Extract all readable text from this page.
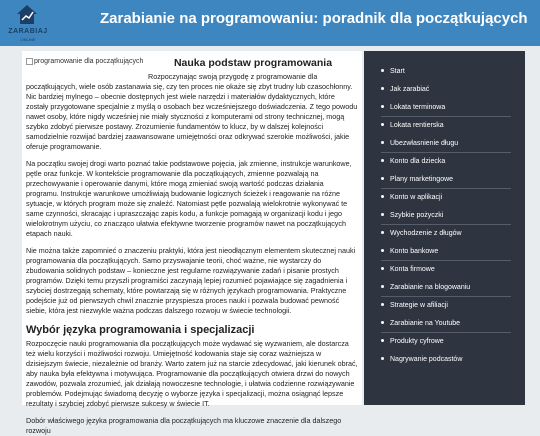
ZARABIAJ
ONLINE
Zarabianie na programowaniu: poradnik dla początkujących
programowanie dla początkujących	Nauka podstaw programowania

Rozpoczynając swoją przygodę z programowanie dla początkujących, wiele osób zastanawia się, czy ten proces nie okaże się zbyt trudny lub czasochłonny. Nic bardziej mylnego – obecnie dostępnych jest wiele narzędzi i materiałów dydaktycznych, które zostały przygotowane specjalnie z myślą o osobach bez wcześniejszego doświadczenia. Z tego powodu nawet osoby, które nigdy wcześniej nie miały styczności z komputerami od strony technicznej, mogą szybko zdobyć pierwsze postawy. Zrozumienie fundamentów to klucz, by w dalszej kolejności samodzielnie rozwijać bardziej zaawansowane umiejętności oraz odkrywać szerokie możliwości, jakie oferuje programowanie.

Na początku swojej drogi warto poznać takie podstawowe pojęcia, jak zmienne, instrukcje warunkowe, pętle oraz funkcje. W kontekście programowanie dla początkujących, zmienne pozwalają na przechowywanie i operowanie danymi, które mogą zmieniać swoją wartość podczas działania programu. Instrukcje warunkowe umożliwiają budowanie logicznych ścieżek i reagowanie na różne sytuacje, w których program może się znaleźć. Natomiast pętle pozwalają wielokrotnie wykonywać te same czynności, skracając i upraszczając zapis kodu, a funkcje pomagają w organizacji kodu i jego wielokrotnym użyciu, co znacząco ułatwia efektywne tworzenie programów nawet na początkujących etapach nauki.

Nie można także zapomnieć o znaczeniu praktyki, która jest nieodłącznym elementem skutecznej nauki programowania dla początkujących. Samo przyswajanie teorii, choć ważne, nie wystarczy do zbudowania solidnych podstaw – konieczne jest regularne rozwiązywanie zadań i pisanie prostych programów. Dzięki temu przyszli programiści zaczynają lepiej rozumieć pojawiające się zagadnienia i szybciej dostrzegają schematy, które powtarzają się w różnych językach programowania. Praktyczne podejście już od pierwszych chwil znacznie przyspiesza proces nauki i pozwala budować pewność siebie, która jest niezwykle ważna podczas dalszego rozwoju w świecie technologii.

Wybór języka programowania i specjalizacji

Rozpoczęcie nauki programowania dla początkujących może wydawać się wyzwaniem, ale dostarcza też wielu korzyści i możliwości rozwoju. Umiejętność kodowania staje się coraz ważniejsza w dzisiejszym świecie, niezależnie od branży. Warto zatem już na starcie zdecydować, jaki kierunek obrać, aby nauka była efektywna i motywująca. Programowanie dla początkujących otwiera drzwi do nowych zawodów, pozwala zrozumieć, jak działają nowoczesne technologie, i ułatwia codzienne rozwiązywanie problemów. Podejmując świadomą decyzję o wyborze języka i specjalizacji, można osiągnąć lepsze rezultaty i szybciej zdobyć pierwsze sukcesy w świecie IT.

Dobór właściwego języka programowania dla początkujących ma kluczowe znaczenie dla dalszego rozwoju

Start
Jak zarabiać
Lokata terminowa
Lokata rentierska
Ubezwłasnienie długu
Konto dla dziecka
Plany marketingowe
Konto w aplikacji
Szybkie pożyczki
Wychodzenie z długów
Konto bankowe
Konta firmowe
Zarabianie na blogowaniu
Strategie w afiliacji
Zarabianie na Youtube
Produkty cyfrowe
Nagrywanie podcastów
